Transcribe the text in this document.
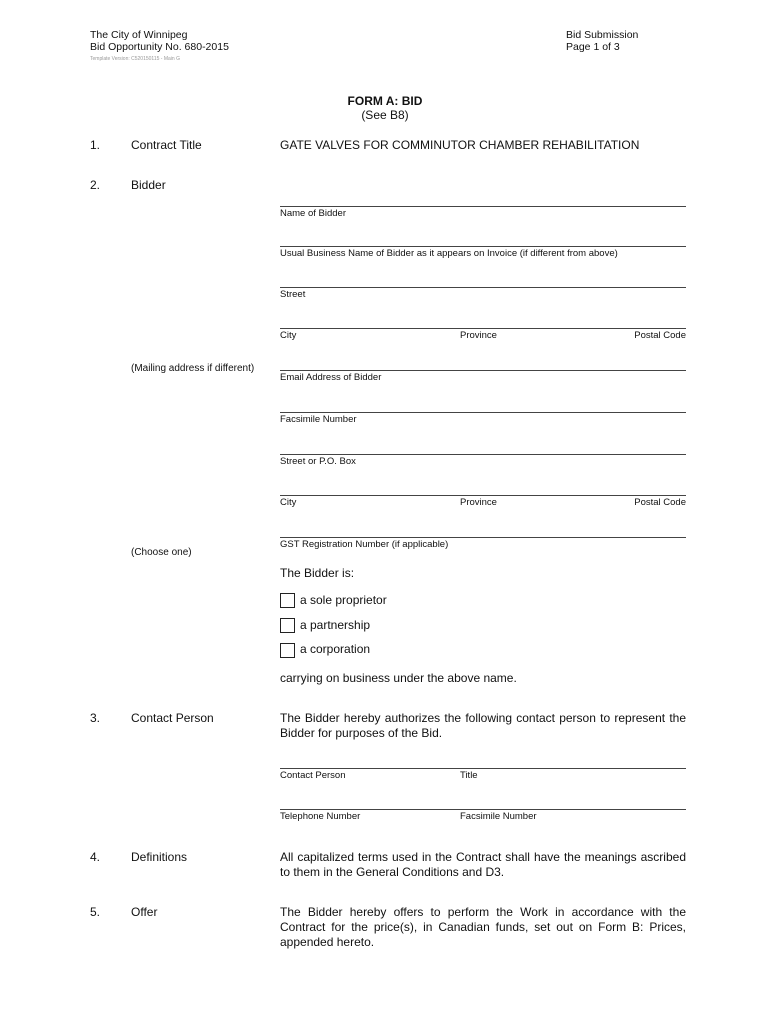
The City of Winnipeg
Bid Opportunity No. 680-2015
Template Version: C520150115 - Main G
Bid Submission
Page 1 of 3
FORM A: BID
(See B8)
1.	Contract Title	GATE VALVES FOR COMMINUTOR CHAMBER REHABILITATION
2.	Bidder
Name of Bidder
Usual Business Name of Bidder as it appears on Invoice (if different from above)
Street
City	Province	Postal Code
(Mailing address if different)
Email Address of Bidder
Facsimile Number
Street or P.O. Box
City	Province	Postal Code
GST Registration Number (if applicable)
(Choose one)
The Bidder is:
a sole proprietor
a partnership
a corporation
carrying on business under the above name.
3.	Contact Person	The Bidder hereby authorizes the following contact person to represent the Bidder for purposes of the Bid.
Contact Person	Title
Telephone Number	Facsimile Number
4.	Definitions	All capitalized terms used in the Contract shall have the meanings ascribed to them in the General Conditions and D3.
5.	Offer	The Bidder hereby offers to perform the Work in accordance with the Contract for the price(s), in Canadian funds, set out on Form B: Prices, appended hereto.
